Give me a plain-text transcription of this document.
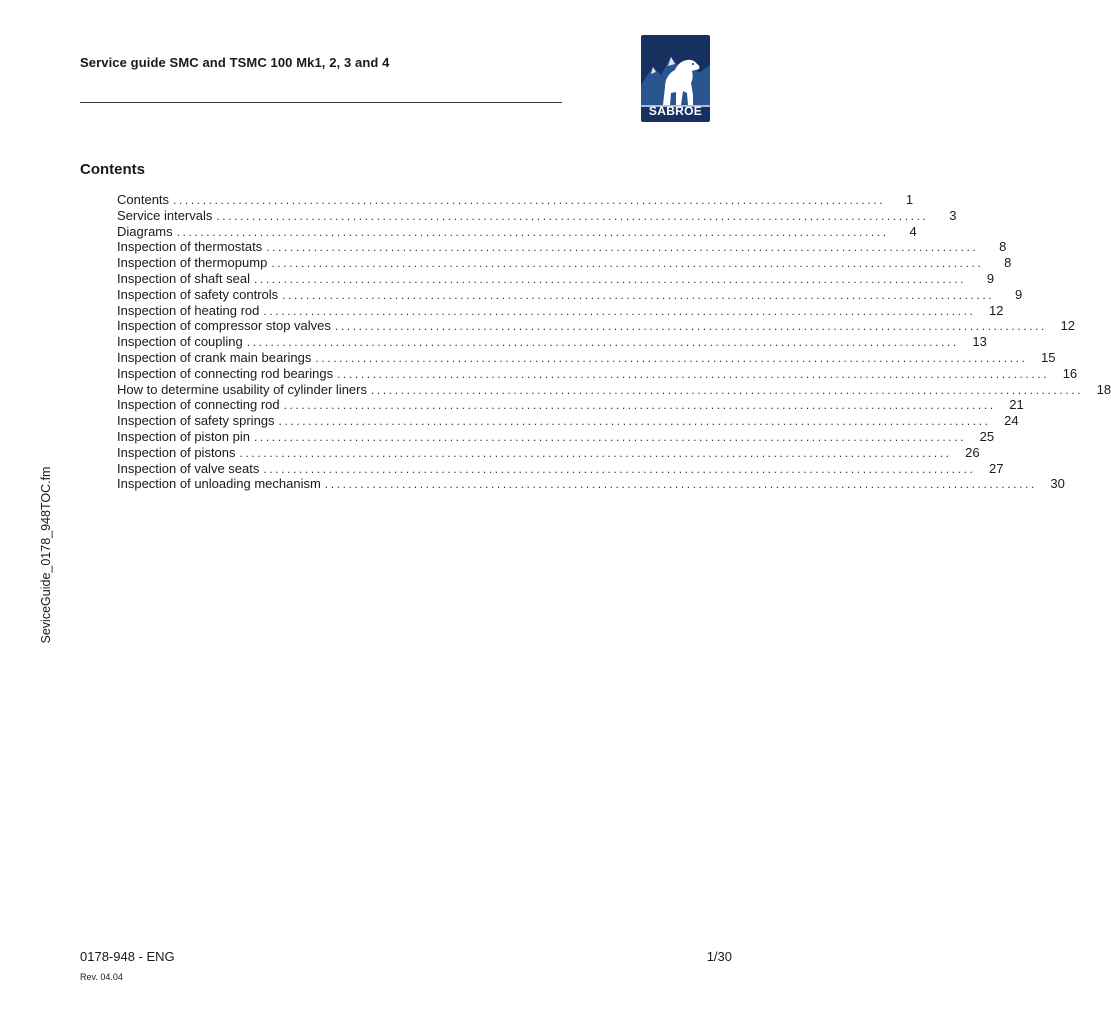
Service guide SMC and TSMC 100 Mk1, 2, 3 and 4
SABROE
Contents
Contents ........................................................................................................................	1
Service intervals ........................................................................................................................	3
Diagrams ........................................................................................................................	4
Inspection of thermostats ........................................................................................................................	8
Inspection of thermopump ........................................................................................................................	8
Inspection of shaft seal ........................................................................................................................	9
Inspection of safety controls ........................................................................................................................	9
Inspection of heating rod ........................................................................................................................	12
Inspection of compressor stop valves ........................................................................................................................	12
Inspection of coupling ........................................................................................................................	13
Inspection of crank main bearings ........................................................................................................................	15
Inspection of connecting rod bearings ........................................................................................................................	16
How to determine usability of cylinder liners ........................................................................................................................	18
Inspection of connecting rod ........................................................................................................................	21
Inspection of safety springs ........................................................................................................................	24
Inspection of piston pin ........................................................................................................................	25
Inspection of pistons ........................................................................................................................	26
Inspection of valve seats ........................................................................................................................	27
Inspection of unloading mechanism ........................................................................................................................	30
SeviceGuide_0178_948TOC.fm
0178-948 - ENG	1/30
Rev. 04.04
